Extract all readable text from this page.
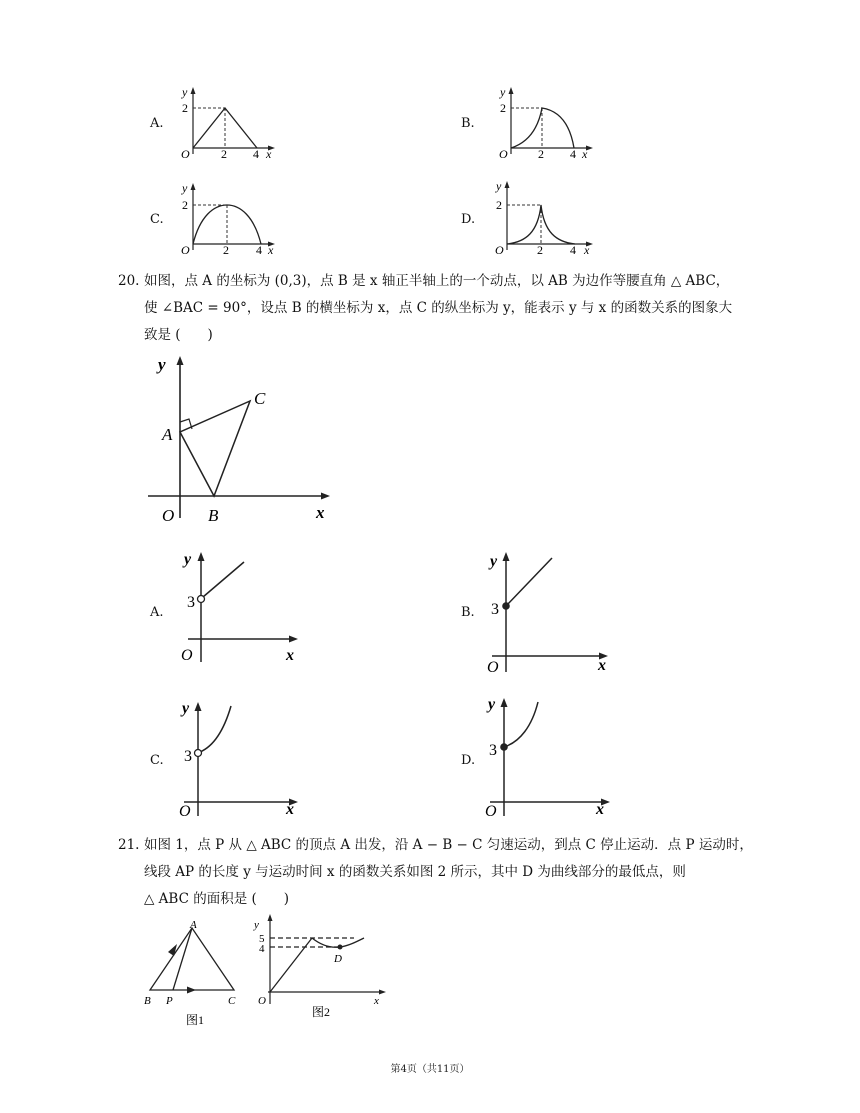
A.	B.
C.	D.
y
2
O	2 4 x
y
2
O	2 4 x
y
2
O	2 4 x
y
2
O	2 4 x
20. 如图，点 A 的坐标为 (0,3)，点 B 是 x 轴正半轴上的一个动点，以 AB 为边作等腰直角 △ ABC，
使 ∠BAC = 90°，设点 B 的横坐标为 x，点 C 的纵坐标为 y，能表示 y 与 x 的函数关系的图象大
致是 (　　)
y
A
C
O B	x
A.	B.
C.	D.
y
3
O	x
y
3
O	x
y
3
O	x
y
3
O	x
21. 如图 1，点 P 从 △ ABC 的顶点 A 出发，沿 A − B − C 匀速运动，到点 C 停止运动．点 P 运动时，
线段 AP 的长度 y 与运动时间 x 的函数关系如图 2 所示，其中 D 为曲线部分的最低点，则
△ ABC 的面积是 (　　)
A
B P	C
图1
y
5
4
D
O	x
图2
第4页（共11页）
